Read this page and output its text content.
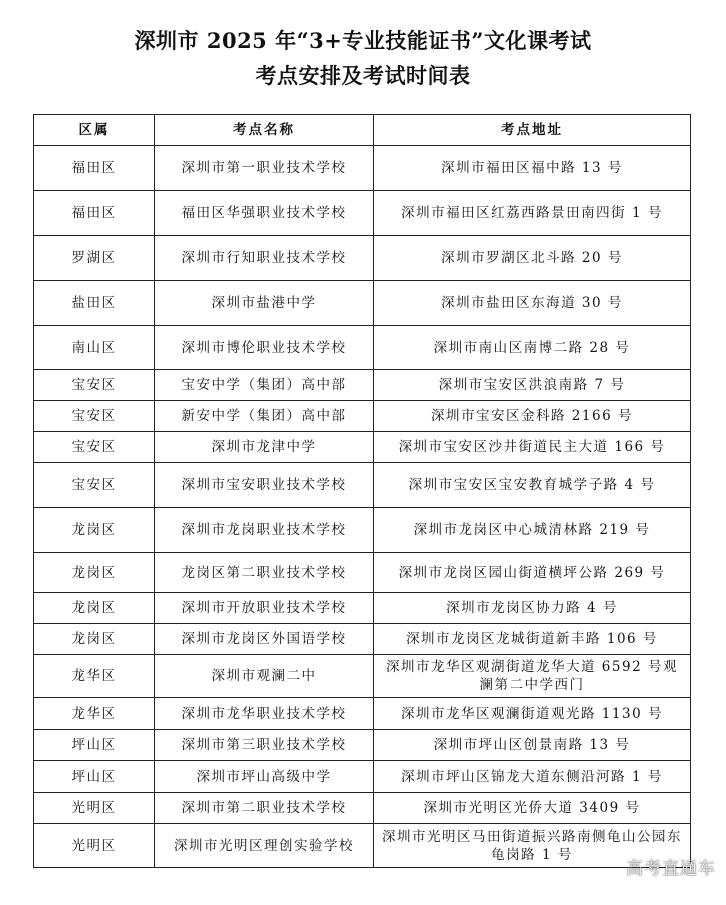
深圳市 2025 年“3+专业技能证书”文化课考试
考点安排及考试时间表
区属	考点名称	考点地址
福田区	深圳市第一职业技术学校	深圳市福田区福中路 13 号
福田区	福田区华强职业技术学校	深圳市福田区红荔西路景田南四街 1 号
罗湖区	深圳市行知职业技术学校	深圳市罗湖区北斗路 20 号
盐田区	深圳市盐港中学	深圳市盐田区东海道 30 号
南山区	深圳市博伦职业技术学校	深圳市南山区南博二路 28 号
宝安区	宝安中学（集团）高中部	深圳市宝安区洪浪南路 7 号
宝安区	新安中学（集团）高中部	深圳市宝安区金科路 2166 号
宝安区	深圳市龙津中学	深圳市宝安区沙井街道民主大道 166 号
宝安区	深圳市宝安职业技术学校	深圳市宝安区宝安教育城学子路 4 号
龙岗区	深圳市龙岗职业技术学校	深圳市龙岗区中心城清林路 219 号
龙岗区	龙岗区第二职业技术学校	深圳市龙岗区园山街道横坪公路 269 号
龙岗区	深圳市开放职业技术学校	深圳市龙岗区协力路 4 号
龙岗区	深圳市龙岗区外国语学校	深圳市龙岗区龙城街道新丰路 106 号
龙华区	深圳市观澜二中	深圳市龙华区观湖街道龙华大道 6592 号观澜第二中学西门
龙华区	深圳市龙华职业技术学校	深圳市龙华区观澜街道观光路 1130 号
坪山区	深圳市第三职业技术学校	深圳市坪山区创景南路 13 号
坪山区	深圳市坪山高级中学	深圳市坪山区锦龙大道东侧沿河路 1 号
光明区	深圳市第二职业技术学校	深圳市光明区光侨大道 3409 号
光明区	深圳市光明区理创实验学校	深圳市光明区马田街道振兴路南侧龟山公园东龟岗路 1 号
高考直通车
